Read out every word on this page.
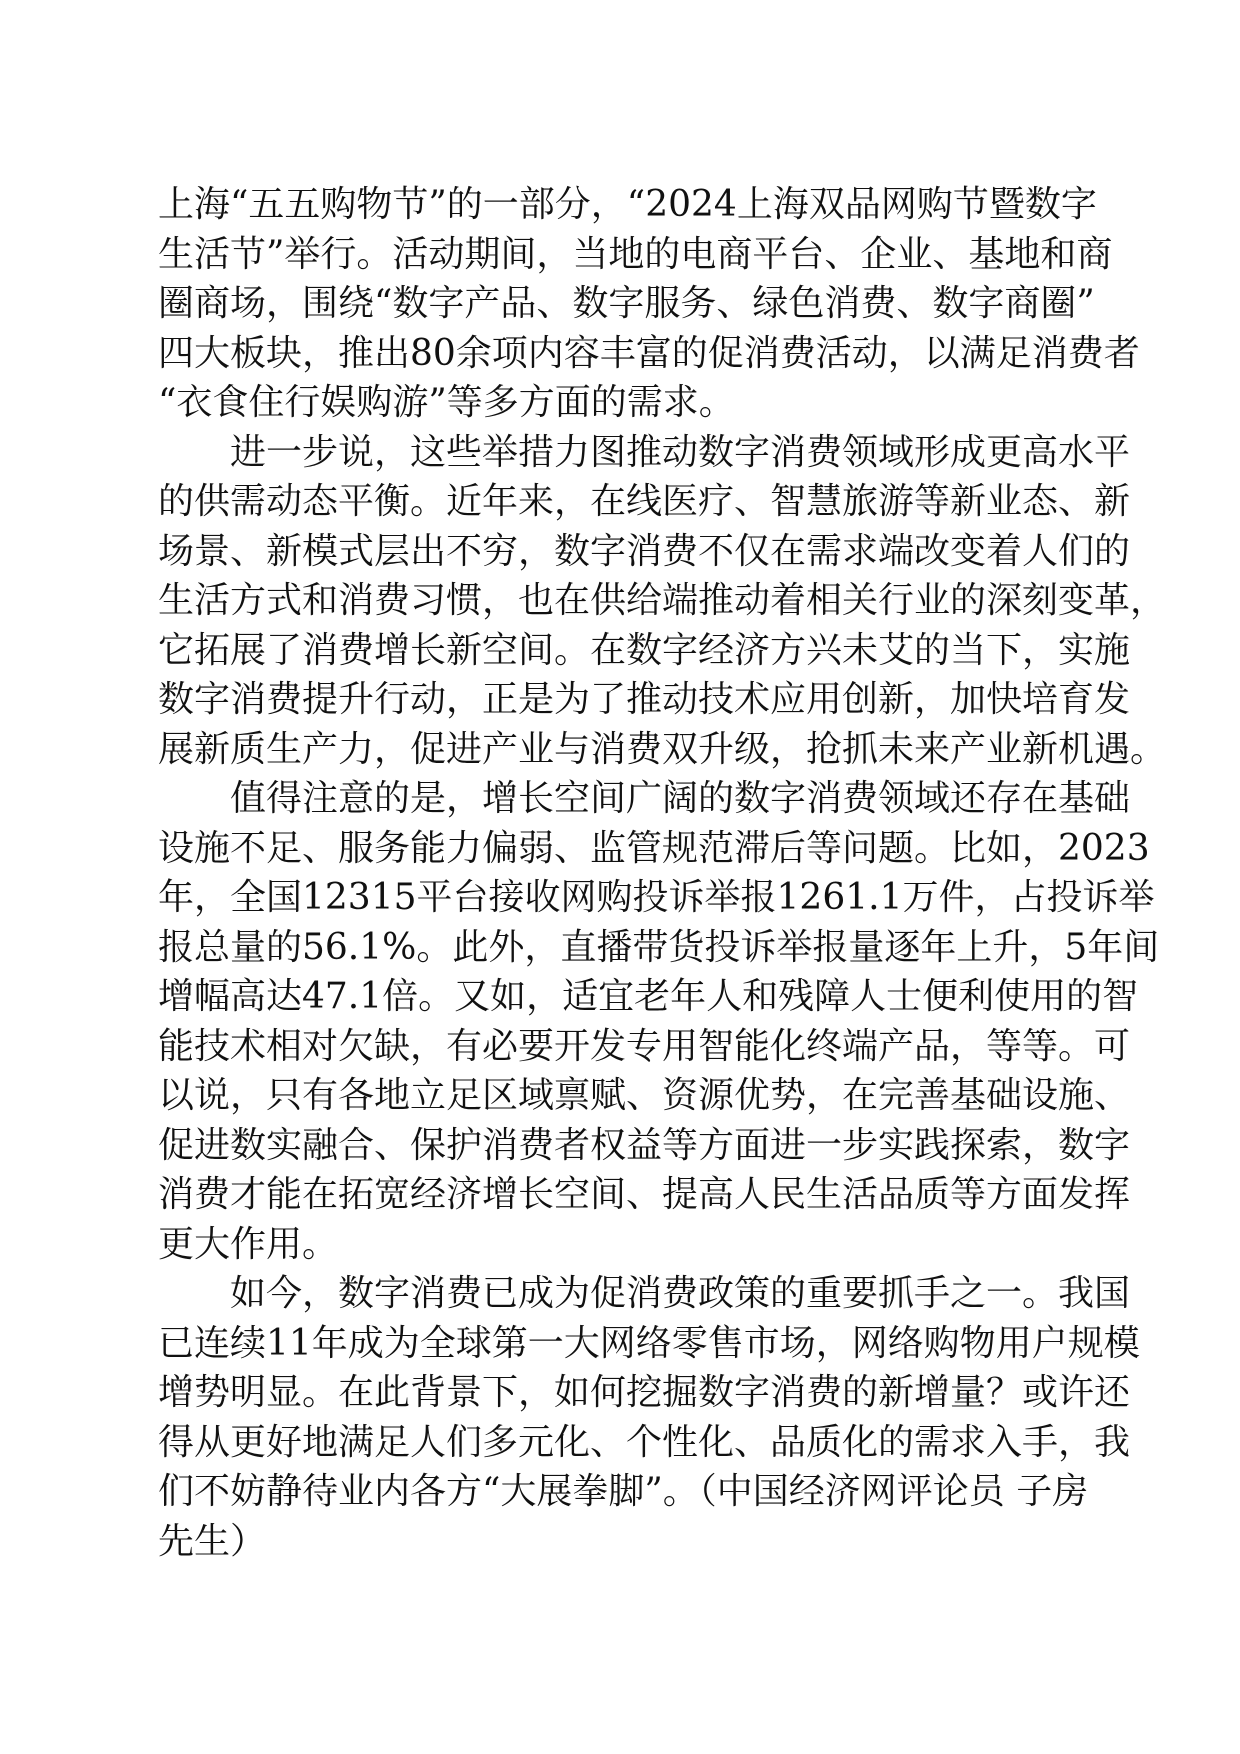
上海“五五购物节”的一部分，“2024上海双品网购节暨数字
生活节”举行。活动期间，当地的电商平台、企业、基地和商
圈商场，围绕“数字产品、数字服务、绿色消费、数字商圈”
四大板块，推出80余项内容丰富的促消费活动，以满足消费者
“衣食住行娱购游”等多方面的需求。
进一步说，这些举措力图推动数字消费领域形成更高水平
的供需动态平衡。近年来，在线医疗、智慧旅游等新业态、新
场景、新模式层出不穷，数字消费不仅在需求端改变着人们的
生活方式和消费习惯，也在供给端推动着相关行业的深刻变革，
它拓展了消费增长新空间。在数字经济方兴未艾的当下，实施
数字消费提升行动，正是为了推动技术应用创新，加快培育发
展新质生产力，促进产业与消费双升级，抢抓未来产业新机遇。
值得注意的是，增长空间广阔的数字消费领域还存在基础
设施不足、服务能力偏弱、监管规范滞后等问题。比如，2023
年，全国12315平台接收网购投诉举报1261.1万件，占投诉举
报总量的56.1%。此外，直播带货投诉举报量逐年上升，5年间
增幅高达47.1倍。又如，适宜老年人和残障人士便利使用的智
能技术相对欠缺，有必要开发专用智能化终端产品，等等。可
以说，只有各地立足区域禀赋、资源优势，在完善基础设施、
促进数实融合、保护消费者权益等方面进一步实践探索，数字
消费才能在拓宽经济增长空间、提高人民生活品质等方面发挥
更大作用。
如今，数字消费已成为促消费政策的重要抓手之一。我国
已连续11年成为全球第一大网络零售市场，网络购物用户规模
增势明显。在此背景下，如何挖掘数字消费的新增量？或许还
得从更好地满足人们多元化、个性化、品质化的需求入手，我
们不妨静待业内各方“大展拳脚”。（中国经济网评论员 子房
先生）
